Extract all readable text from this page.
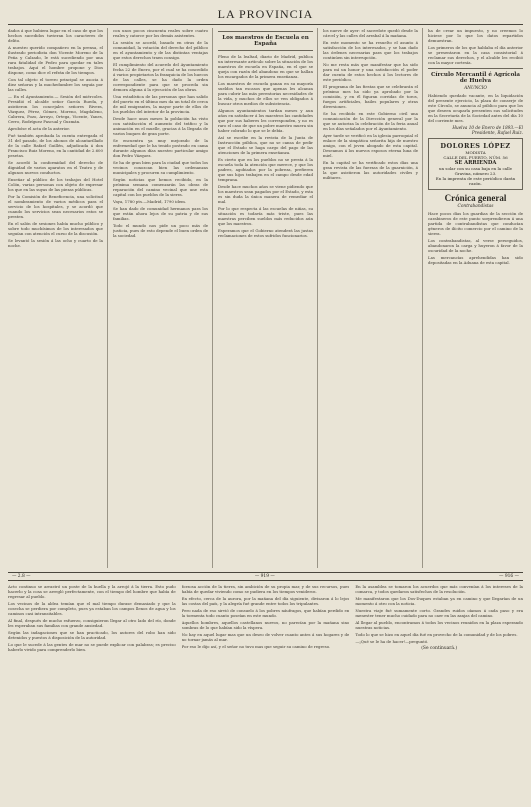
LA PROVINCIA

dados á que hubiera lugar en el caso de que los hechos sucedidos tuvieran los caracteres de delito.

A nuestro querido compañero en la prensa, el ilustrado periodista don Vicente Moreno de la Peña y Calzado, le está sucediendo por una rara fatalidad de Pedro para quedar en tales trabajos. Aquí el hombre propone y Dios dispone, como dice el refrán de los tiempos.

Con tal objeto el torero principal se asocia á diez señoras y la muchedumbre los seguía por las calles.

— En el Ayuntamiento.— Sesión del miércoles. Presidió el alcalde señor García Rueda, y asistieron los concejales señores Rivera, Vázquez, Pérez, Gómez, Moreno, Magdaleno, Cabrera, Pozo, Arroyo, Ortega, Vicente, Yanes, Cerro, Rodríguez Pascual y Guzmán.

Aprobóse el acta de la anterior.

Fué también aprobada la cuenta entregada el 31 del pasado, de los abonos de alcantarillado de la calle Rafael Guillén, adjudicada á don Francisco Ruiz Moreno, en la cantidad de 2.600 pesetas.

Se acordó la conformidad del derecho de dignidad de varios aparatos en el Teatro y de algunos nuevos conductos.

Enseñar al público de los trabajos del Hotel Colón, varias personas con objeto de expresar los que en las suyas de las piezas públicas.

Por la Comisión de Beneficencia, una solicitud el nombramiento de varios médicos para el servicio de los hospitales, y se acordó que cuando los servicios sean necesarios estos se presten.

En el salón de sesiones había mucho público y sobre todo muchísimos de los interesados que seguían con atención el curso de la discusión.

Se levantó la sesión á las ocho y cuarto de la noche.

con unos pocos cincuenta reales sobre cuatro reales y catorce por los demás asistentes.

La sesión se acordó, basado en otras de la comunidad, la votación del derecho del público en el ayuntamiento y de las distintas ventajas que estos derechos traen consigo.

El cumplimiento del acuerdo del Ayuntamiento fecha 22 de Enero, por el cual se ha concedido á varios propietarios la franquicia de los huecos de las calles, se ha dado la orden correspondiente para que se proceda sin demora alguna á la ejecución de las obras.

Una estadística de las personas que han salido del puerto en el último mes da un total de cerca de mil emigrantes, la mayor parte de ellos de los pueblos del interior de la provincia.

Desde hace unos meses la población ha visto con satisfacción el aumento del tráfico y la animación en el muelle, gracias á la llegada de varios buques de gran porte.

Se encuentra ya muy mejorado de la enfermedad que le ha tenido postrado en cama durante algunos días nuestro particular amigo don Pedro Vázquez.

Se ha de gran bien para la ciudad que todos los vecinos conozcan bien las ordenanzas municipales y procuren su cumplimiento.

Según noticias que hemos recibido, en la próxima semana comenzarán las obras de reparación del camino vecinal que une esta capital con los pueblos de la sierra.

Vaya, 1780 pts.—Madrid, 1790 idem.

Se han dado de comunidad hermanos para los que están ahora lejos de su patria y de sus familias.

Todo el mundo nos pide un poco más de justicia, pues de esto depende el buen orden de la sociedad.

Los maestros de Escuela en España

Pleno de la lealtad, diario de Madrid, publica un interesante artículo sobre la situación de los maestros de escuela en España, en el que se queja con razón del abandono en que se hallan los encargados de la primera enseñanza.

Los maestros de escuela ganan en su mayoría sueldos tan escasos que apenas les alcanza para cubrir las más perentorias necesidades de la vida, y muchos de ellos se ven obligados á buscar otros medios de subsistencia.

Algunos ayuntamientos tardan meses y aun años en satisfacer á los maestros las cantidades que por sus haberes les corresponden, y no es raro el caso de que un pobre maestro muera sin haber cobrado lo que se le debía.

Así se escribe en la revista de la Junta de Instrucción pública, que no se cansa de pedir que el Estado se haga cargo del pago de las atenciones de la primera enseñanza.

Es cierto que en los pueblos no se presta á la escuela toda la atención que merece, y que los padres, agobiados por la pobreza, prefieren que sus hijos trabajen en el campo desde edad temprana.

Desde hace muchos años se viene pidiendo que los maestros sean pagados por el Estado, y esta es sin duda la única manera de remediar el mal.

Por lo que respecta á las escuelas de niñas, su situación es todavía más triste, pues las maestras perciben sueldos más reducidos aún que los maestros.

Esperamos que el Gobierno atenderá las justas reclamaciones de estos sufridos funcionarios.

los nueve de ayer: el sacerdote quedó desde la cárcel y las calles del arrabal á la mañana.

En este momento se ha resuelto el asunto á satisfacción de los interesados, y se han dado las órdenes necesarias para que los trabajos continúen sin interrupción.

No me resta más que manifestar que ha sido para mí un honor y una satisfacción el poder dar cuenta de estos hechos á los lectores de este periódico.

El programa de las fiestas que se celebrarán el próximo mes ha sido ya aprobado por la comisión, y en él figuran corridas de toros, fuegos artificiales, bailes populares y otras diversiones.

Se ha recibido en este Gobierno civil una comunicación de la Dirección general por la que se autoriza la celebración de la feria anual en los días señalados por el Ayuntamiento.

Ayer tarde se verificó en la iglesia parroquial el enlace de la simpática señorita hija de nuestro amigo, con el joven abogado de esta capital. Deseamos á los nuevos esposos eterna luna de miel.

En la capital se ha verificado estos días una gran revista de las fuerzas de la guarnición, á la que asistieron las autoridades civiles y militares.

ha de crear un impuesto, y no creemos lo hiciese por lo que los datos repartidos demuestran.

Los primeros de los que hablaba el día anterior se presentaron en la casa consistorial á reclamar sus derechos, y el alcalde les recibió con la mayor cortesía.

Círculo Mercantil é Agrícola de Huelva
ANUNCIO

Habiendo quedado vacante, en la liquidación del presente ejercicio, la plaza de conserje de este Círculo, se anuncia al público para que los que deseen ocuparla presenten sus solicitudes en la Secretaría de la Sociedad antes del día 10 del corriente mes.

Huelva 10 de Enero de 1893.—El Presidente, Rafael Ruiz.
DOLORES LÓPEZ
MODISTA
CALLE DEL PUERTO, NÚM. 56
SE ARRIENDA
un solar con su casa baja en la calle Gravina, número 23.
En la imprenta de este periódico darán razón.
Crónica general
Contrabandistas

Hace pocos días los guardias de la sección de carabineros de este punto sorprendieron á una partida de contrabandistas que conducían géneros de ilícito comercio por el camino de la sierra.

Los contrabandistas, al verse perseguidos, abandonaron la carga y huyeron á favor de la oscuridad de la noche.

Las mercancías aprehendidas han sido depositadas en la Aduana de esta capital.

— 2.8 —	— 919 —	— 916 —

Acto continuo se arrastró un poste de la huella y la arrojó á la tierra. Esto pudo hacerlo y la cosa se arregló perfectamente, con el tiempo del hombre que había de regresar al pueblo.

Los vecinos de la aldea temían que el mal tiempo durase demasiado y que la cosecha se perdiera por completo, pues ya estaban los campos llenos de agua y los caminos casi intransitables.

Al final, después de mucho esfuerzo, consiguieron llegar al otro lado del río, donde les esperaban sus familias con grande ansiedad.

Según las indagaciones que se han practicado, los autores del robo han sido detenidos y puestos á disposición de la autoridad.

Lo que le sucede á las gentes de mar no se puede explicar con palabras; es preciso haberlo vivido para comprenderlo bien.

forzosa acción de la tierra, sin ambición de su propia mar, y de sus recursos, pues había de quedar viviendo como se pudiera en los tiempos venideros.

En efecto, cerca de la aurora, por la mañana del día siguiente, divisaron á lo lejos las costas del país, y la alegría fué grande entre todos los tripulantes.

Pero nada de eso sirvió de consuelo á los pobres náufragos, que habían perdido en la tormenta todo cuanto poseían en este mundo.

Aquellos hombres, aquellos castellanos nuevos, no parecían por la mañana sino sombras de lo que habían sido la víspera.

No hay en aquel lugar mas que un deseo de volver cuanto antes á sus hogares y de no tornar jamás al mar.

Por eso le dijo así, y el señor no tuvo mas que seguir su camino de regreso.

En la asamblea se tomaron los acuerdos que más convenían á los intereses de la comarca, y todos quedaron satisfechos de la resolución.

Me manifestaron que los Dos-Duques estaban ya en camino y que llegarían de un momento á otro con la noticia.

Nuestra viaje fué sumamente corto. Grandes ruidos oíamos á cada paso y era menester tener mucho cuidado para no caer en las zanjas del camino.

Al llegar al pueblo, encontramos á todos los vecinos reunidos en la plaza esperando nuestras noticias.

Todo lo que se hizo en aquel día fué en provecho de la comunidad y de los pobres.

—¡Qué se le ha de hacer!—preguntó.

(Se continuará.)
